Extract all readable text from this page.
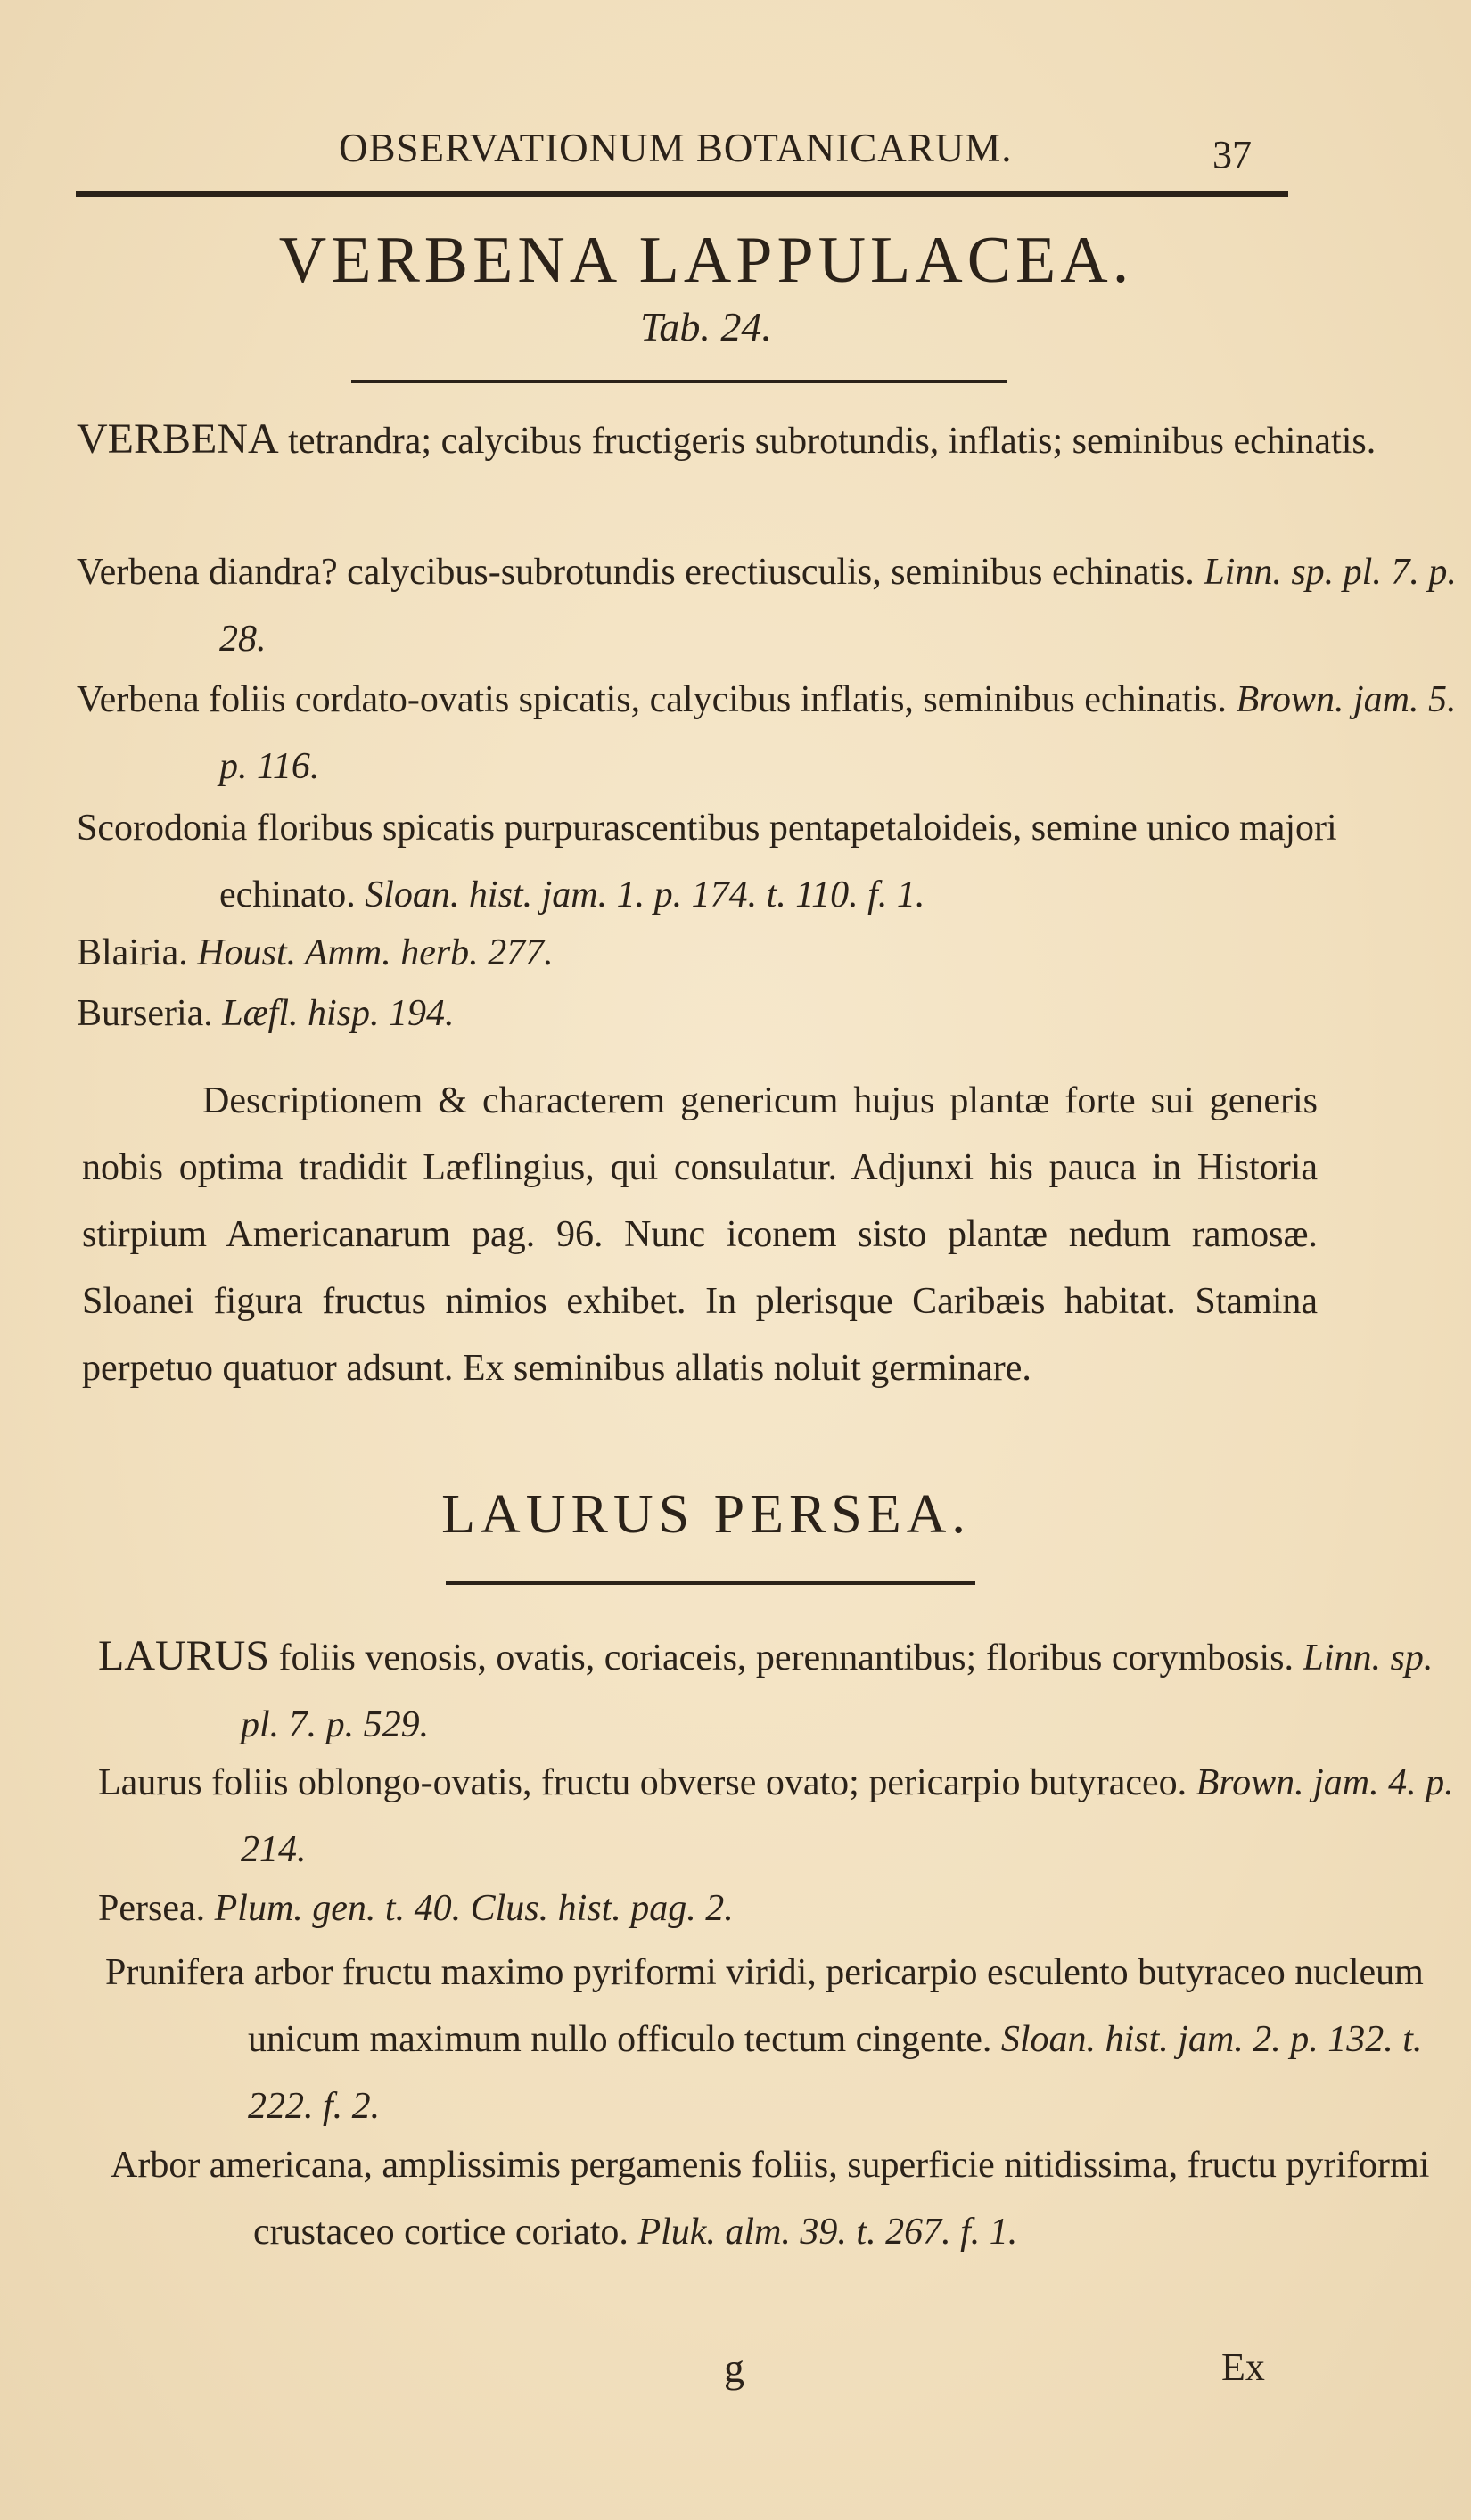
OBSERVATIONUM BOTANICARUM.	37
VERBENA LAPPULACEA.
Tab. 24.
VERBENA tetrandra; calycibus fructigeris subrotundis, inflatis; seminibus echinatis.
Verbena diandra? calycibus-subrotundis erectiusculis, seminibus echinatis. Linn. sp. pl. 7. p. 28.
Verbena foliis cordato-ovatis spicatis, calycibus inflatis, seminibus echinatis. Brown. jam. 5. p. 116.
Scorodonia floribus spicatis purpurascentibus pentapetaloideis, semine unico majori echinato. Sloan. hist. jam. 1. p. 174. t. 110. f. 1.
Blairia. Houst. Amm. herb. 277.
Burseria. Læfl. hisp. 194.

Descriptionem & characterem genericum hujus plantæ forte sui generis nobis optima tradidit Læflingius, qui consulatur. Adjunxi his pauca in Historia stirpium Americanarum pag. 96. Nunc iconem sisto plantæ nedum ramosæ. Sloanei figura fructus nimios exhibet. In plerisque Caribæis habitat. Stamina perpetuo quatuor adsunt. Ex seminibus allatis noluit germinare.

LAURUS PERSEA.
LAURUS foliis venosis, ovatis, coriaceis, perennantibus; floribus corymbosis. Linn. sp. pl. 7. p. 529.
Laurus foliis oblongo-ovatis, fructu obverse ovato; pericarpio butyraceo. Brown. jam. 4. p. 214.
Persea. Plum. gen. t. 40. Clus. hist. pag. 2.
Prunifera arbor fructu maximo pyriformi viridi, pericarpio esculento butyraceo nucleum unicum maximum nullo officulo tectum cingente. Sloan. hist. jam. 2. p. 132. t. 222. f. 2.
Arbor americana, amplissimis pergamenis foliis, superficie nitidissima, fructu pyriformi crustaceo cortice coriato. Pluk. alm. 39. t. 267. f. 1.
g	Ex
